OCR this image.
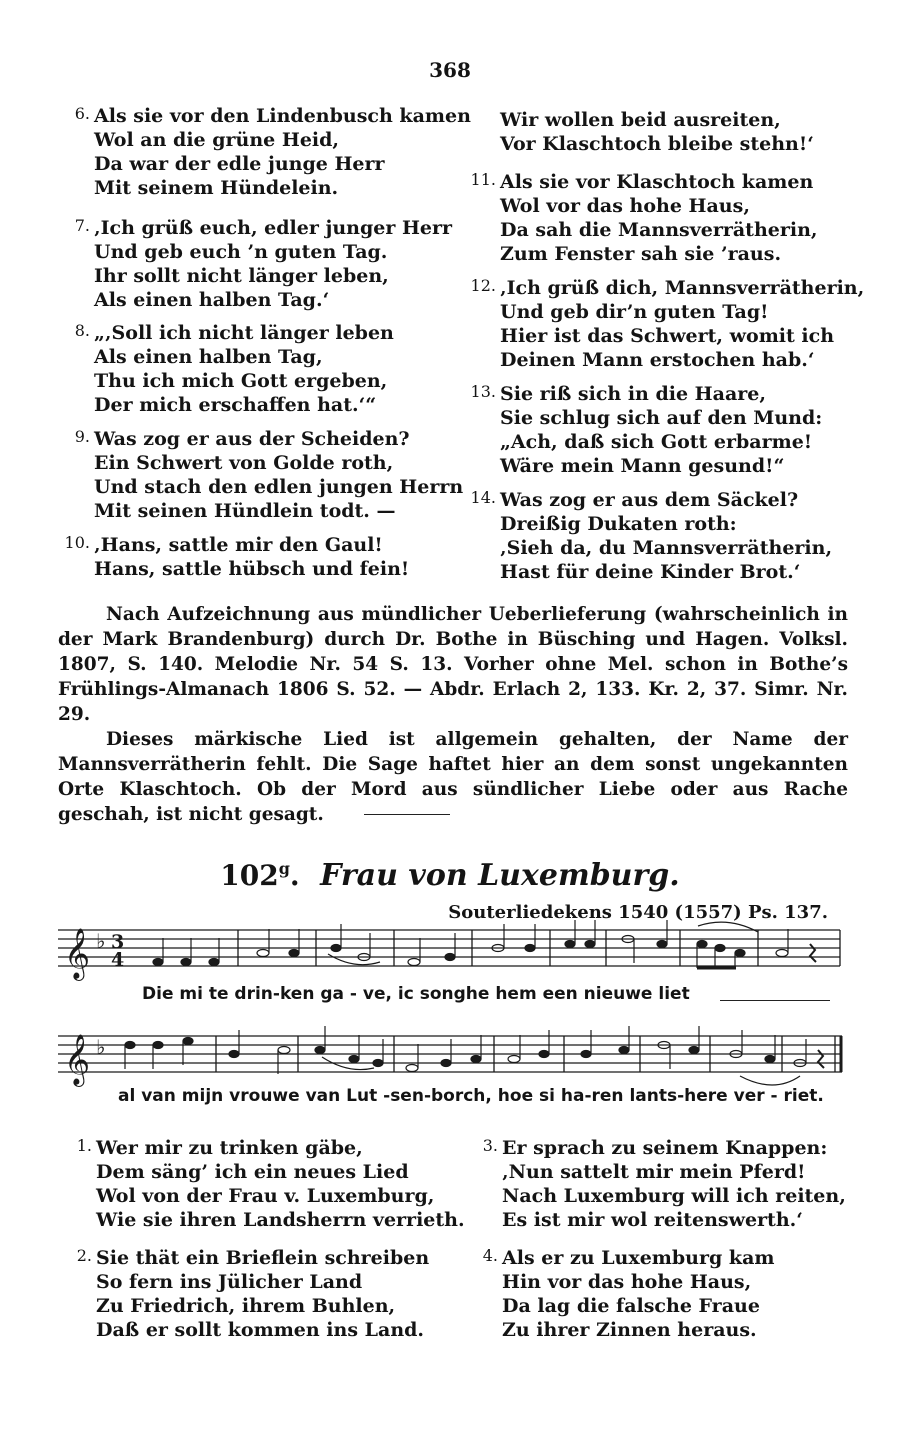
368
6. Als sie vor den Lindenbusch kamen
Wol an die grüne Heid,
Da war der edle junge Herr
Mit seinem Hündelein.
7. ‚Ich grüß euch, edler junger Herr
Und geb euch ’n guten Tag.
Ihr sollt nicht länger leben,
Als einen halben Tag.‘
8. „‚Soll ich nicht länger leben
Als einen halben Tag,
Thu ich mich Gott ergeben,
Der mich erschaffen hat.‘“
9. Was zog er aus der Scheiden?
Ein Schwert von Golde roth,
Und stach den edlen jungen Herrn
Mit seinen Hündlein todt. —
10. ‚Hans, sattle mir den Gaul!
Hans, sattle hübsch und fein!
Wir wollen beid ausreiten,
Vor Klaschtoch bleibe stehn!‘
11. Als sie vor Klaschtoch kamen
Wol vor das hohe Haus,
Da sah die Mannsverrätherin,
Zum Fenster sah sie ’raus.
12. ‚Ich grüß dich, Mannsverrätherin,
Und geb dir’n guten Tag!
Hier ist das Schwert, womit ich
Deinen Mann erstochen hab.‘
13. Sie riß sich in die Haare,
Sie schlug sich auf den Mund:
„Ach, daß sich Gott erbarme!
Wäre mein Mann gesund!“
14. Was zog er aus dem Säckel?
Dreißig Dukaten roth:
‚Sieh da, du Mannsverrätherin,
Hast für deine Kinder Brot.‘

Nach Aufzeichnung aus mündlicher Ueberlieferung (wahrscheinlich in der Mark Brandenburg) durch Dr. Bothe in Büsching und Hagen. Volksl. 1807, S. 140. Melodie Nr. 54 S. 13. Vorher ohne Mel. schon in Bothe’s Frühlings-Almanach 1806 S. 52. — Abdr. Erlach 2, 133. Kr. 2, 37. Simr. Nr. 29.

Dieses märkische Lied ist allgemein gehalten, der Name der Mannsverrätherin fehlt. Die Sage haftet hier an dem sonst ungekannten Orte Klaschtoch. Ob der Mord aus sündlicher Liebe oder aus Rache geschah, ist nicht gesagt.

102$^g$. Frau von Luxemburg.
Souterliedekens 1540 (1557) Ps. 137.
𝄞 ♭ 3
4
Die mi te drin-ken ga - ve, ic songhe hem een nieuwe liet
𝄞 ♭
al van mijn vrouwe van Lut -sen-borch, hoe si ha-ren lants-here ver - riet.
1. Wer mir zu trinken gäbe,
Dem säng’ ich ein neues Lied
Wol von der Frau v. Luxemburg,
Wie sie ihren Landsherrn verrieth.
2. Sie thät ein Brieflein schreiben
So fern ins Jülicher Land
Zu Friedrich, ihrem Buhlen,
Daß er sollt kommen ins Land.
3. Er sprach zu seinem Knappen:
‚Nun sattelt mir mein Pferd!
Nach Luxemburg will ich reiten,
Es ist mir wol reitenswerth.‘
4. Als er zu Luxemburg kam
Hin vor das hohe Haus,
Da lag die falsche Fraue
Zu ihrer Zinnen heraus.
